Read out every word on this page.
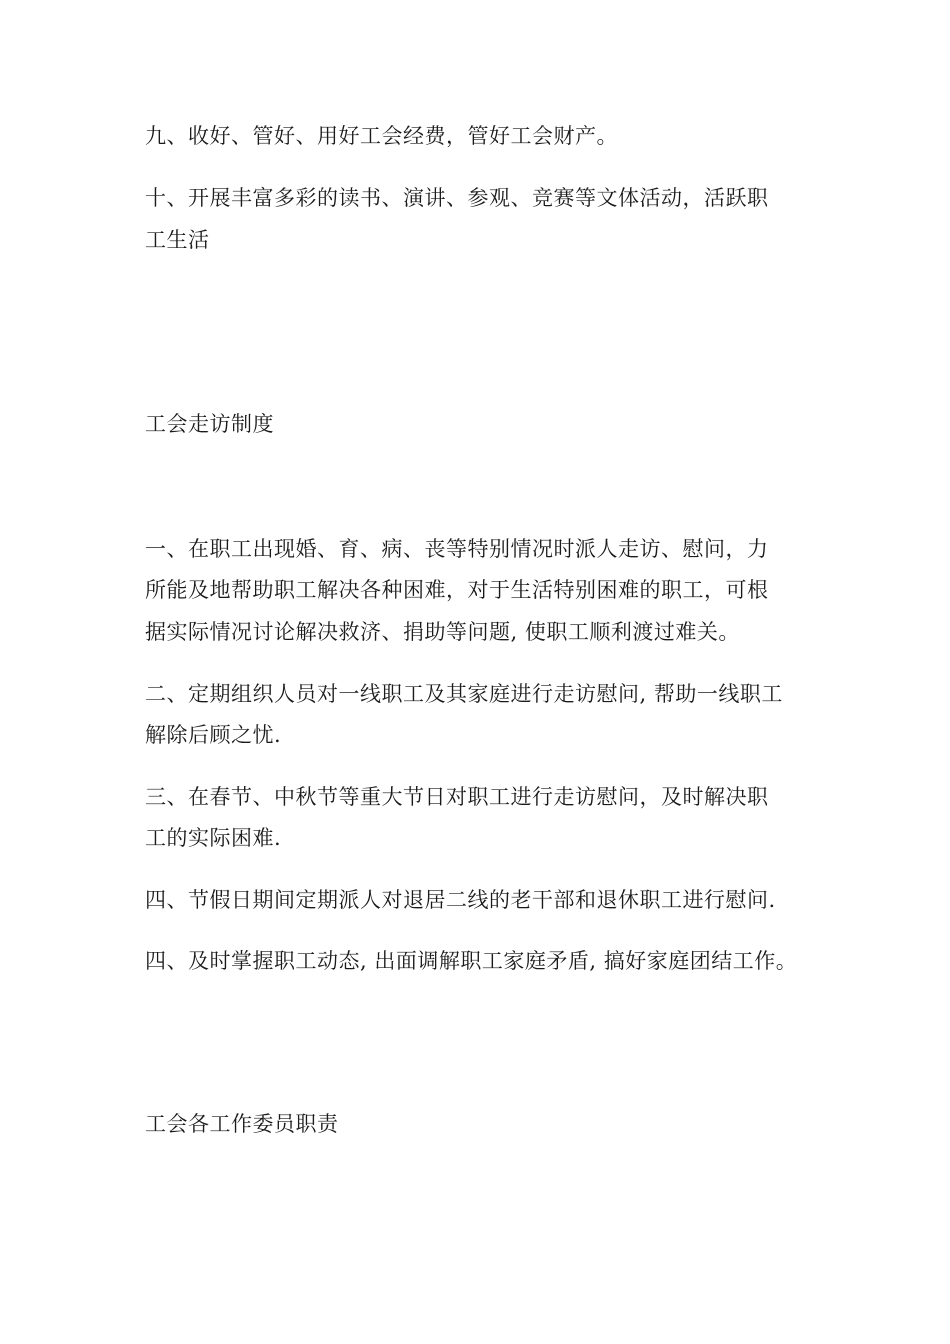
九、收好、管好、用好工会经费，管好工会财产。
十、开展丰富多彩的读书、演讲、参观、竞赛等文体活动，活跃职
工生活
工会走访制度
一、在职工出现婚、育、病、丧等特别情况时派人走访、慰问，力
所能及地帮助职工解决各种困难，对于生活特别困难的职工，可根
据实际情况讨论解决救济、捐助等问题, 使职工顺利渡过难关。
二、定期组织人员对一线职工及其家庭进行走访慰问, 帮助一线职工
解除后顾之忧.
三、在春节、中秋节等重大节日对职工进行走访慰问，及时解决职
工的实际困难.
四、节假日期间定期派人对退居二线的老干部和退休职工进行慰问.
四、及时掌握职工动态, 出面调解职工家庭矛盾, 搞好家庭团结工作。
工会各工作委员职责
